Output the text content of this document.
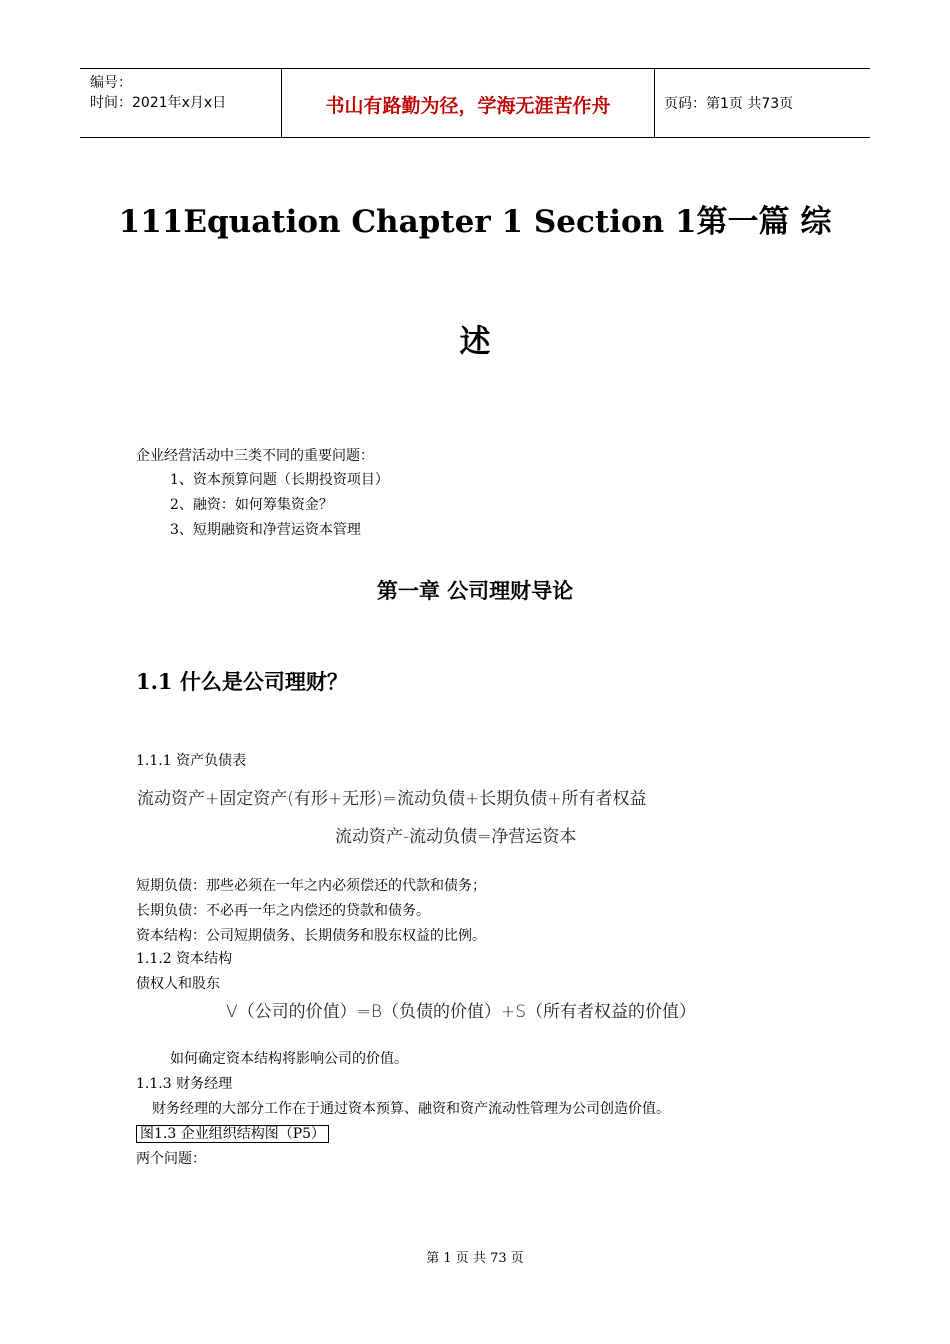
编号：
时间：2021年x月x日	书山有路勤为径，学海无涯苦作舟	页码：第1页 共73页
111Equation Chapter 1 Section 1第一篇 综
述
企业经营活动中三类不同的重要问题：
1、资本预算问题（长期投资项目）
2、融资：如何筹集资金？
3、短期融资和净营运资本管理
第一章 公司理财导论
1.1 什么是公司理财？
1.1.1 资产负债表
流动资产+固定资产(有形+无形)=流动负债+长期负债+所有者权益
流动资产-流动负债=净营运资本
短期负债：那些必须在一年之内必须偿还的代款和债务；
长期负债：不必再一年之内偿还的贷款和债务。
资本结构：公司短期债务、长期债务和股东权益的比例。
1.1.2 资本结构
债权人和股东
V（公司的价值）=B（负债的价值）+S（所有者权益的价值）
如何确定资本结构将影响公司的价值。
1.1.3 财务经理
财务经理的大部分工作在于通过资本预算、融资和资产流动性管理为公司创造价值。
图1.3 企业组织结构图（P5）
两个问题：
第 1 页 共 73 页
